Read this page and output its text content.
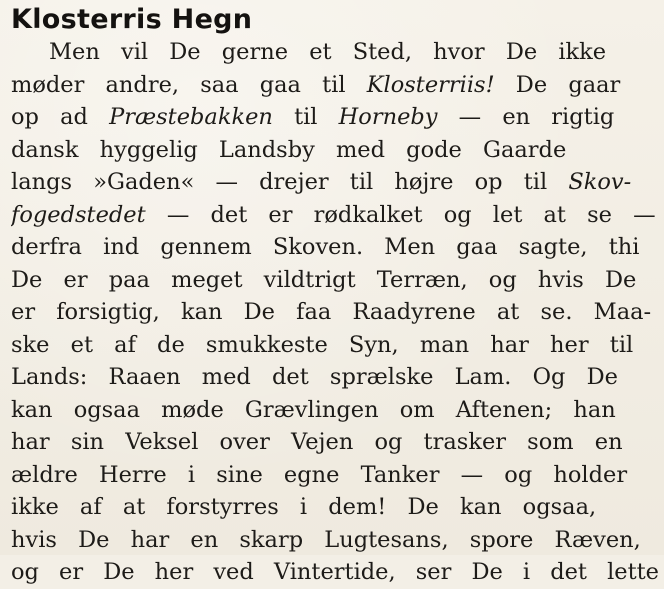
Klosterris Hegn
Men vil De gerne et Sted, hvor De ikke
møder andre, saa gaa til Klosterriis! De gaar
op ad Præstebakken til Horneby — en rigtig
dansk hyggelig Landsby med gode Gaarde
langs »Gaden« — drejer til højre op til Skov-
fogedstedet — det er rødkalket og let at se —
derfra ind gennem Skoven. Men gaa sagte, thi
De er paa meget vildtrigt Terræn, og hvis De
er forsigtig, kan De faa Raadyrene at se. Maa-
ske et af de smukkeste Syn, man har her til
Lands: Raaen med det sprælske Lam. Og De
kan ogsaa møde Grævlingen om Aftenen; han
har sin Veksel over Vejen og trasker som en
ældre Herre i sine egne Tanker — og holder
ikke af at forstyrres i dem! De kan ogsaa,
hvis De har en skarp Lugtesans, spore Ræven,
og er De her ved Vintertide, ser De i det lette
